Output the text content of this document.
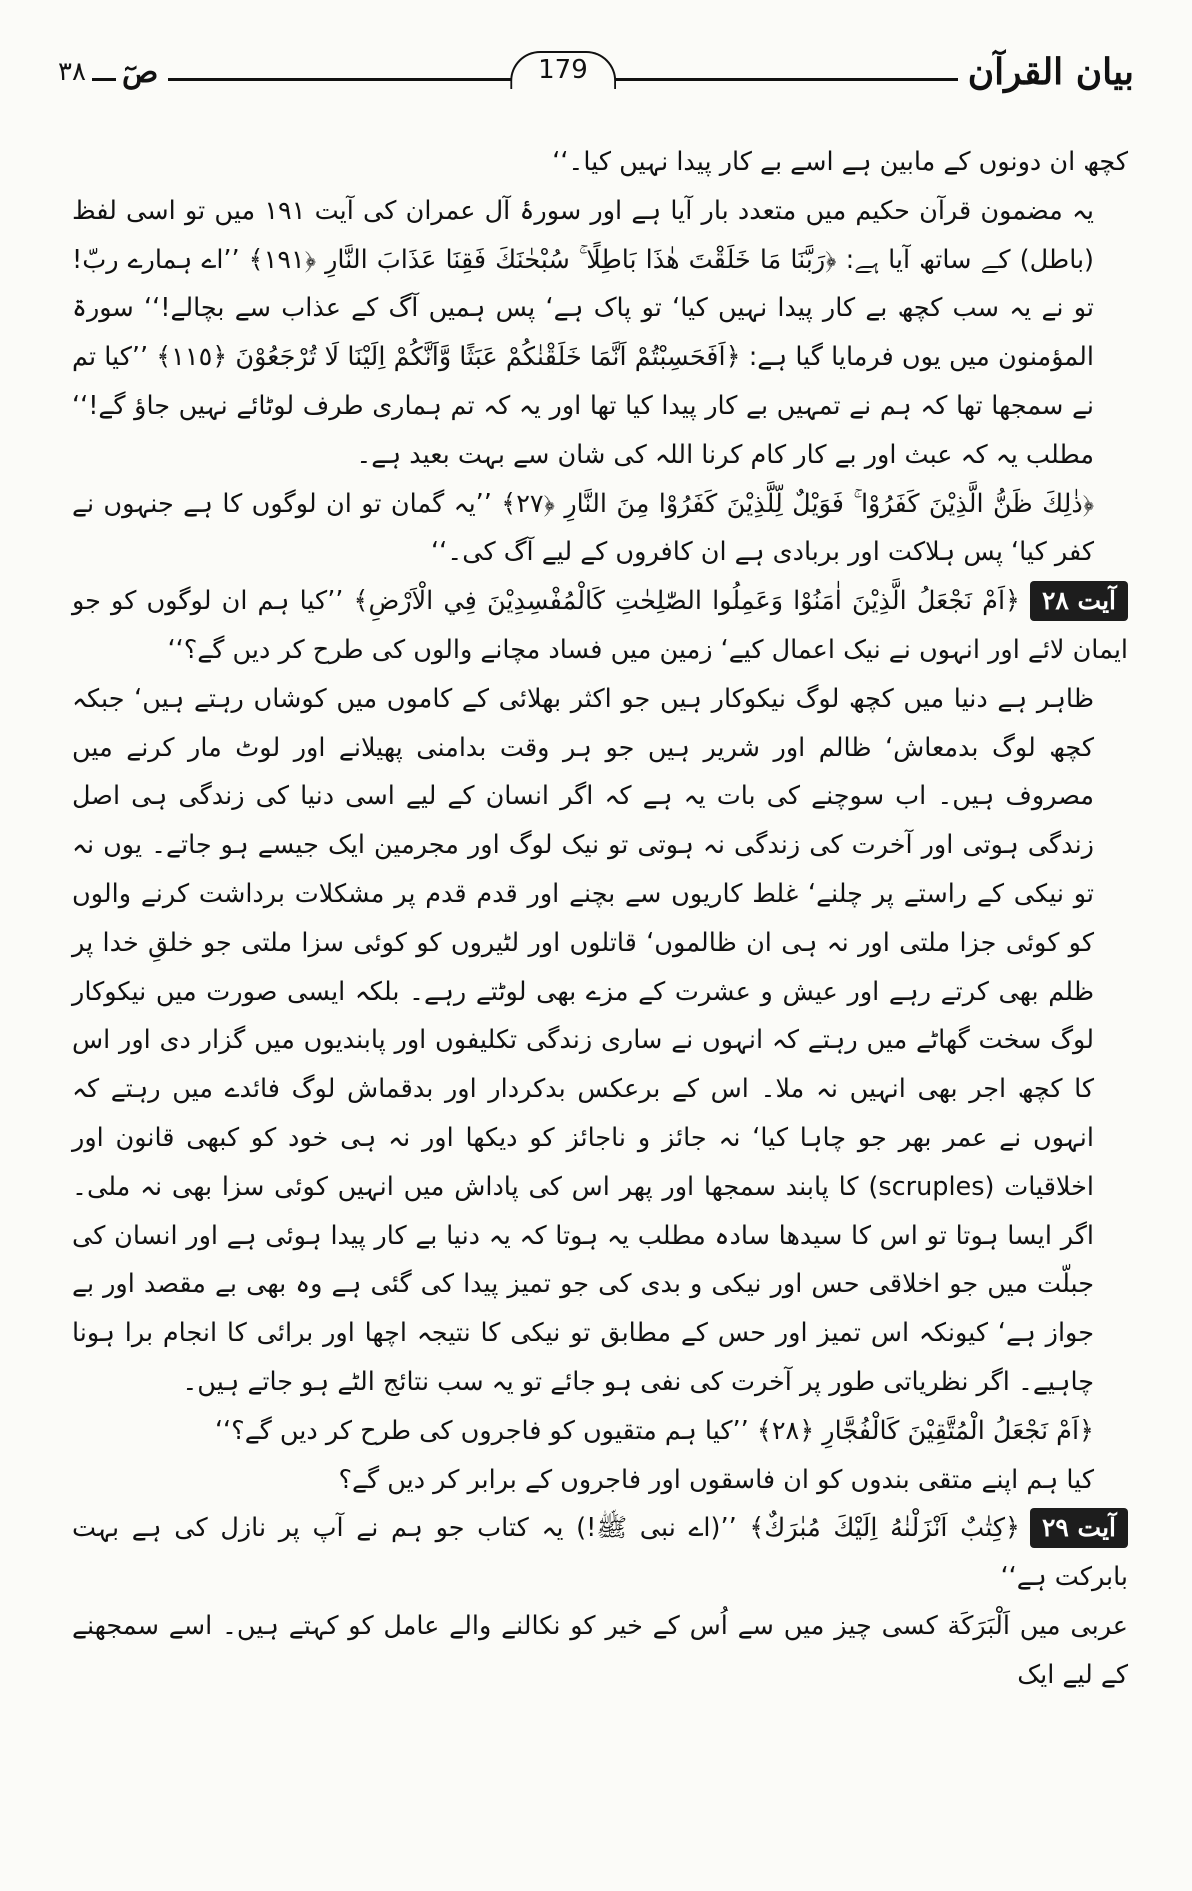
بیان القرآن
179
صٓ
۳۸

کچھ ان دونوں کے مابین ہے اسے بے کار پیدا نہیں کیا۔‘‘

یہ مضمون قرآن حکیم میں متعدد بار آیا ہے اور سورۂ آل عمران کی آیت ۱۹۱ میں تو اسی لفظ (باطل) کے ساتھ آیا ہے: ﴿رَبَّنَا مَا خَلَقْتَ هٰذَا بَاطِلًا ۚ سُبْحٰنَكَ فَقِنَا عَذَابَ النَّارِ ﴿١٩١﴾ ’’اے ہمارے ربّ! تو نے یہ سب کچھ بے کار پیدا نہیں کیا‘ تو پاک ہے‘ پس ہمیں آگ کے عذاب سے بچالے!‘‘ سورۃ المؤمنون میں یوں فرمایا گیا ہے: ﴿اَفَحَسِبْتُمْ اَنَّمَا خَلَقْنٰكُمْ عَبَثًا وَّاَنَّكُمْ اِلَيْنَا لَا تُرْجَعُوْنَ ﴿١١٥﴾ ’’کیا تم نے سمجھا تھا کہ ہم نے تمہیں بے کار پیدا کیا تھا اور یہ کہ تم ہماری طرف لوٹائے نہیں جاؤ گے!‘‘ مطلب یہ کہ عبث اور بے کار کام کرنا اللہ کی شان سے بہت بعید ہے۔

﴿ذٰلِكَ ظَنُّ الَّذِيْنَ كَفَرُوْا ۚ فَوَيْلٌ لِّلَّذِيْنَ كَفَرُوْا مِنَ النَّارِ ﴿٢٧﴾ ’’یہ گمان تو ان لوگوں کا ہے جنہوں نے کفر کیا‘ پس ہلاکت اور بربادی ہے ان کافروں کے لیے آگ کی۔‘‘

آیت ۲۸﴿اَمْ نَجْعَلُ الَّذِيْنَ اٰمَنُوْا وَعَمِلُوا الصّٰلِحٰتِ كَالْمُفْسِدِيْنَ فِي الْاَرْضِ﴾ ’’کیا ہم ان لوگوں کو جو ایمان لائے اور انہوں نے نیک اعمال کیے‘ زمین میں فساد مچانے والوں کی طرح کر دیں گے؟‘‘

ظاہر ہے دنیا میں کچھ لوگ نیکوکار ہیں جو اکثر بھلائی کے کاموں میں کوشاں رہتے ہیں‘ جبکہ کچھ لوگ بدمعاش‘ ظالم اور شریر ہیں جو ہر وقت بدامنی پھیلانے اور لوٹ مار کرنے میں مصروف ہیں۔ اب سوچنے کی بات یہ ہے کہ اگر انسان کے لیے اسی دنیا کی زندگی ہی اصل زندگی ہوتی اور آخرت کی زندگی نہ ہوتی تو نیک لوگ اور مجرمین ایک جیسے ہو جاتے۔ یوں نہ تو نیکی کے راستے پر چلنے‘ غلط کاریوں سے بچنے اور قدم قدم پر مشکلات برداشت کرنے والوں کو کوئی جزا ملتی اور نہ ہی ان ظالموں‘ قاتلوں اور لٹیروں کو کوئی سزا ملتی جو خلقِ خدا پر ظلم بھی کرتے رہے اور عیش و عشرت کے مزے بھی لوٹتے رہے۔ بلکہ ایسی صورت میں نیکوکار لوگ سخت گھاٹے میں رہتے کہ انہوں نے ساری زندگی تکلیفوں اور پابندیوں میں گزار دی اور اس کا کچھ اجر بھی انہیں نہ ملا۔ اس کے برعکس بدکردار اور بدقماش لوگ فائدے میں رہتے کہ انہوں نے عمر بھر جو چاہا کیا‘ نہ جائز و ناجائز کو دیکھا اور نہ ہی خود کو کبھی قانون اور اخلاقیات (scruples) کا پابند سمجھا اور پھر اس کی پاداش میں انہیں کوئی سزا بھی نہ ملی۔ اگر ایسا ہوتا تو اس کا سیدھا سادہ مطلب یہ ہوتا کہ یہ دنیا بے کار پیدا ہوئی ہے اور انسان کی جبلّت میں جو اخلاقی حس اور نیکی و بدی کی جو تمیز پیدا کی گئی ہے وہ بھی بے مقصد اور بے جواز ہے‘ کیونکہ اس تمیز اور حس کے مطابق تو نیکی کا نتیجہ اچھا اور برائی کا انجام برا ہونا چاہیے۔ اگر نظریاتی طور پر آخرت کی نفی ہو جائے تو یہ سب نتائج الٹے ہو جاتے ہیں۔

﴿اَمْ نَجْعَلُ الْمُتَّقِيْنَ كَالْفُجَّارِ ﴿٢٨﴾ ’’کیا ہم متقیوں کو فاجروں کی طرح کر دیں گے؟‘‘

کیا ہم اپنے متقی بندوں کو ان فاسقوں اور فاجروں کے برابر کر دیں گے؟

آیت ۲۹﴿كِتٰبٌ اَنْزَلْنٰهُ اِلَيْكَ مُبٰرَكٌ﴾ ’’(اے نبی ﷺ!) یہ کتاب جو ہم نے آپ پر نازل کی ہے بہت بابرکت ہے‘‘

عربی میں اَلْبَرَكَة کسی چیز میں سے اُس کے خیر کو نکالنے والے عامل کو کہتے ہیں۔ اسے سمجھنے کے لیے ایک
